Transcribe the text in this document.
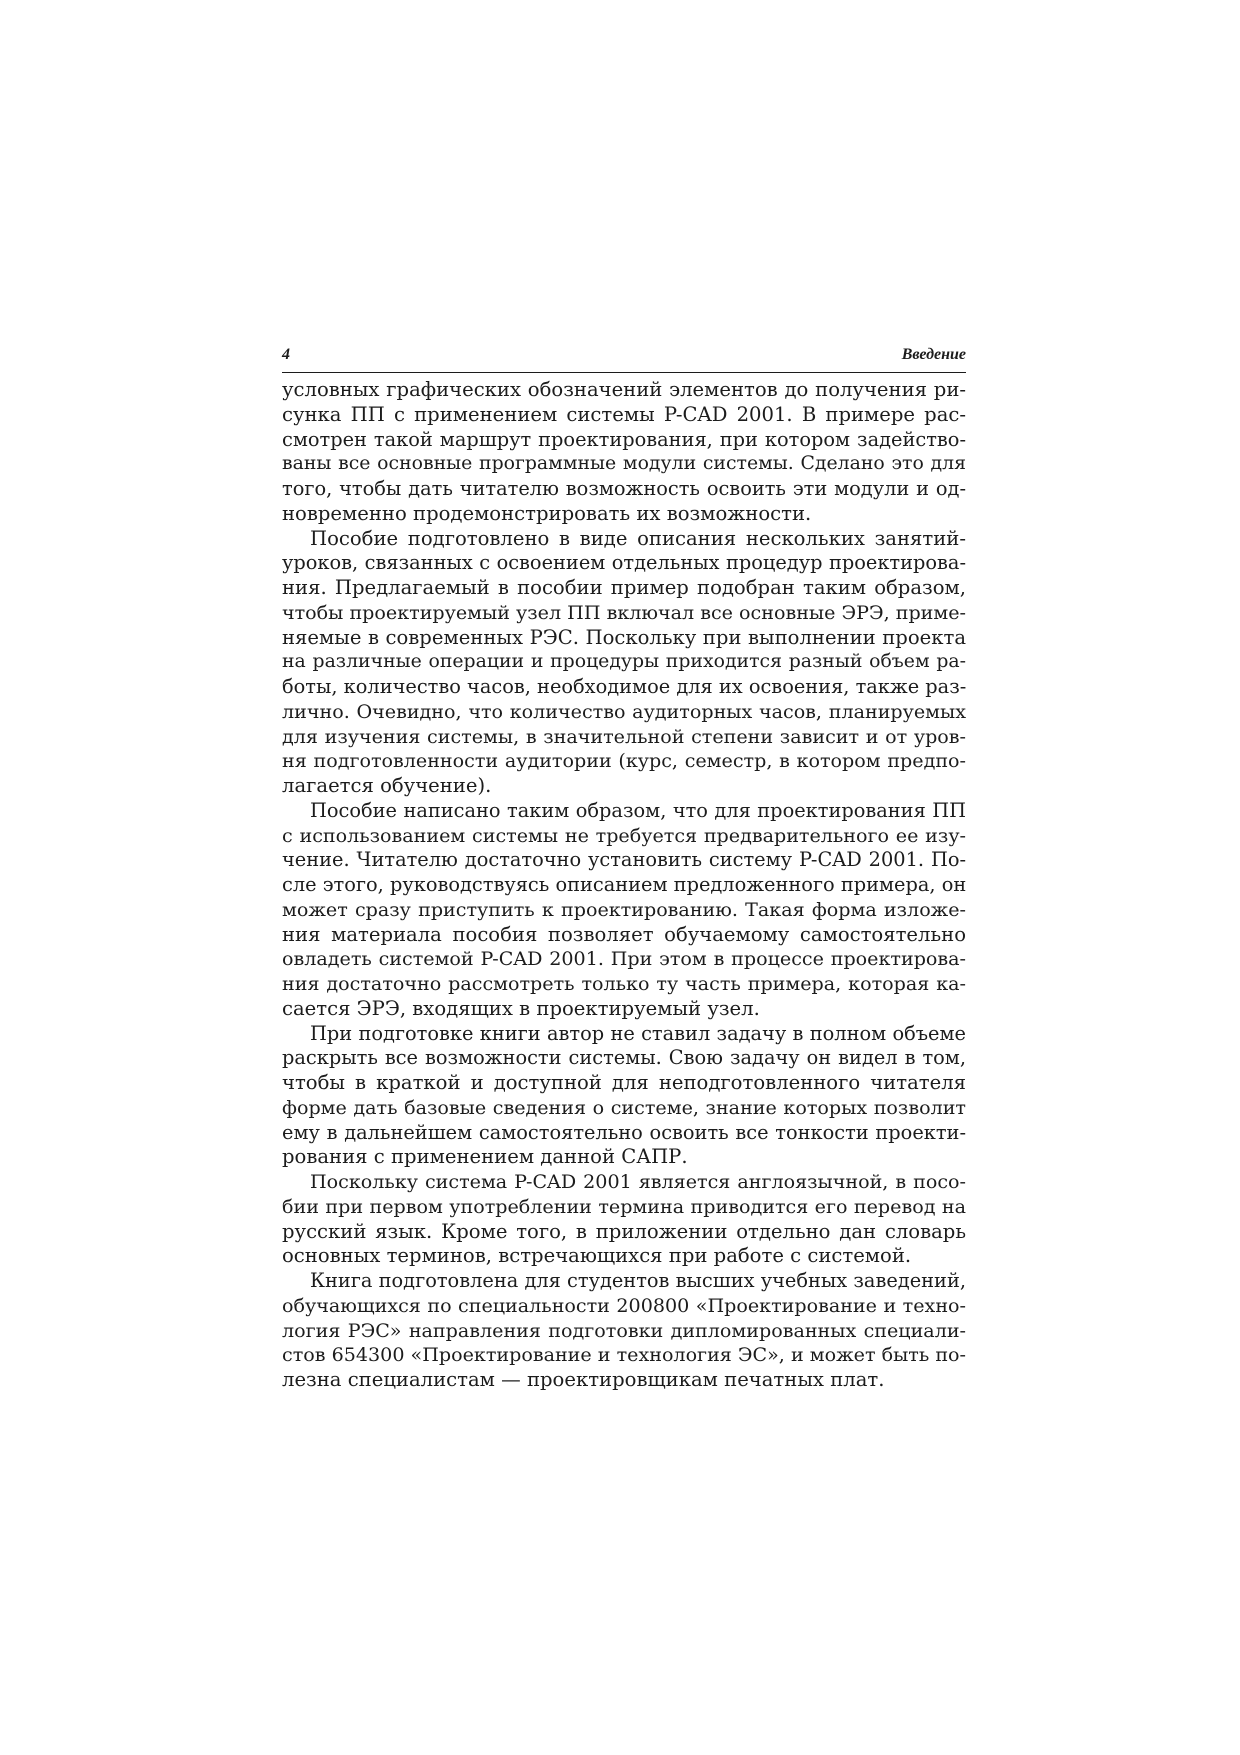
4	Введение
условных графических обозначений элементов до получения ри-
сунка ПП с применением системы P-CAD 2001. В примере рас-
смотрен такой маршрут проектирования, при котором задейство-
ваны все основные программные модули системы. Сделано это для
того, чтобы дать читателю возможность освоить эти модули и од-
новременно продемонстрировать их возможности.
Пособие подготовлено в виде описания нескольких занятий-
уроков, связанных с освоением отдельных процедур проектирова-
ния. Предлагаемый в пособии пример подобран таким образом,
чтобы проектируемый узел ПП включал все основные ЭРЭ, приме-
няемые в современных РЭС. Поскольку при выполнении проекта
на различные операции и процедуры приходится разный объем ра-
боты, количество часов, необходимое для их освоения, также раз-
лично. Очевидно, что количество аудиторных часов, планируемых
для изучения системы, в значительной степени зависит и от уров-
ня подготовленности аудитории (курс, семестр, в котором предпо-
лагается обучение).
Пособие написано таким образом, что для проектирования ПП
с использованием системы не требуется предварительного ее изу-
чение. Читателю достаточно установить систему P-CAD 2001. По-
сле этого, руководствуясь описанием предложенного примера, он
может сразу приступить к проектированию. Такая форма изложе-
ния материала пособия позволяет обучаемому самостоятельно
овладеть системой P-CAD 2001. При этом в процессе проектирова-
ния достаточно рассмотреть только ту часть примера, которая ка-
сается ЭРЭ, входящих в проектируемый узел.
При подготовке книги автор не ставил задачу в полном объеме
раскрыть все возможности системы. Свою задачу он видел в том,
чтобы в краткой и доступной для неподготовленного читателя
форме дать базовые сведения о системе, знание которых позволит
ему в дальнейшем самостоятельно освоить все тонкости проекти-
рования с применением данной САПР.
Поскольку система P-CAD 2001 является англоязычной, в посо-
бии при первом употреблении термина приводится его перевод на
русский язык. Кроме того, в приложении отдельно дан словарь
основных терминов, встречающихся при работе с системой.
Книга подготовлена для студентов высших учебных заведений,
обучающихся по специальности 200800 «Проектирование и техно-
логия РЭС» направления подготовки дипломированных специали-
стов 654300 «Проектирование и технология ЭС», и может быть по-
лезна специалистам — проектировщикам печатных плат.
